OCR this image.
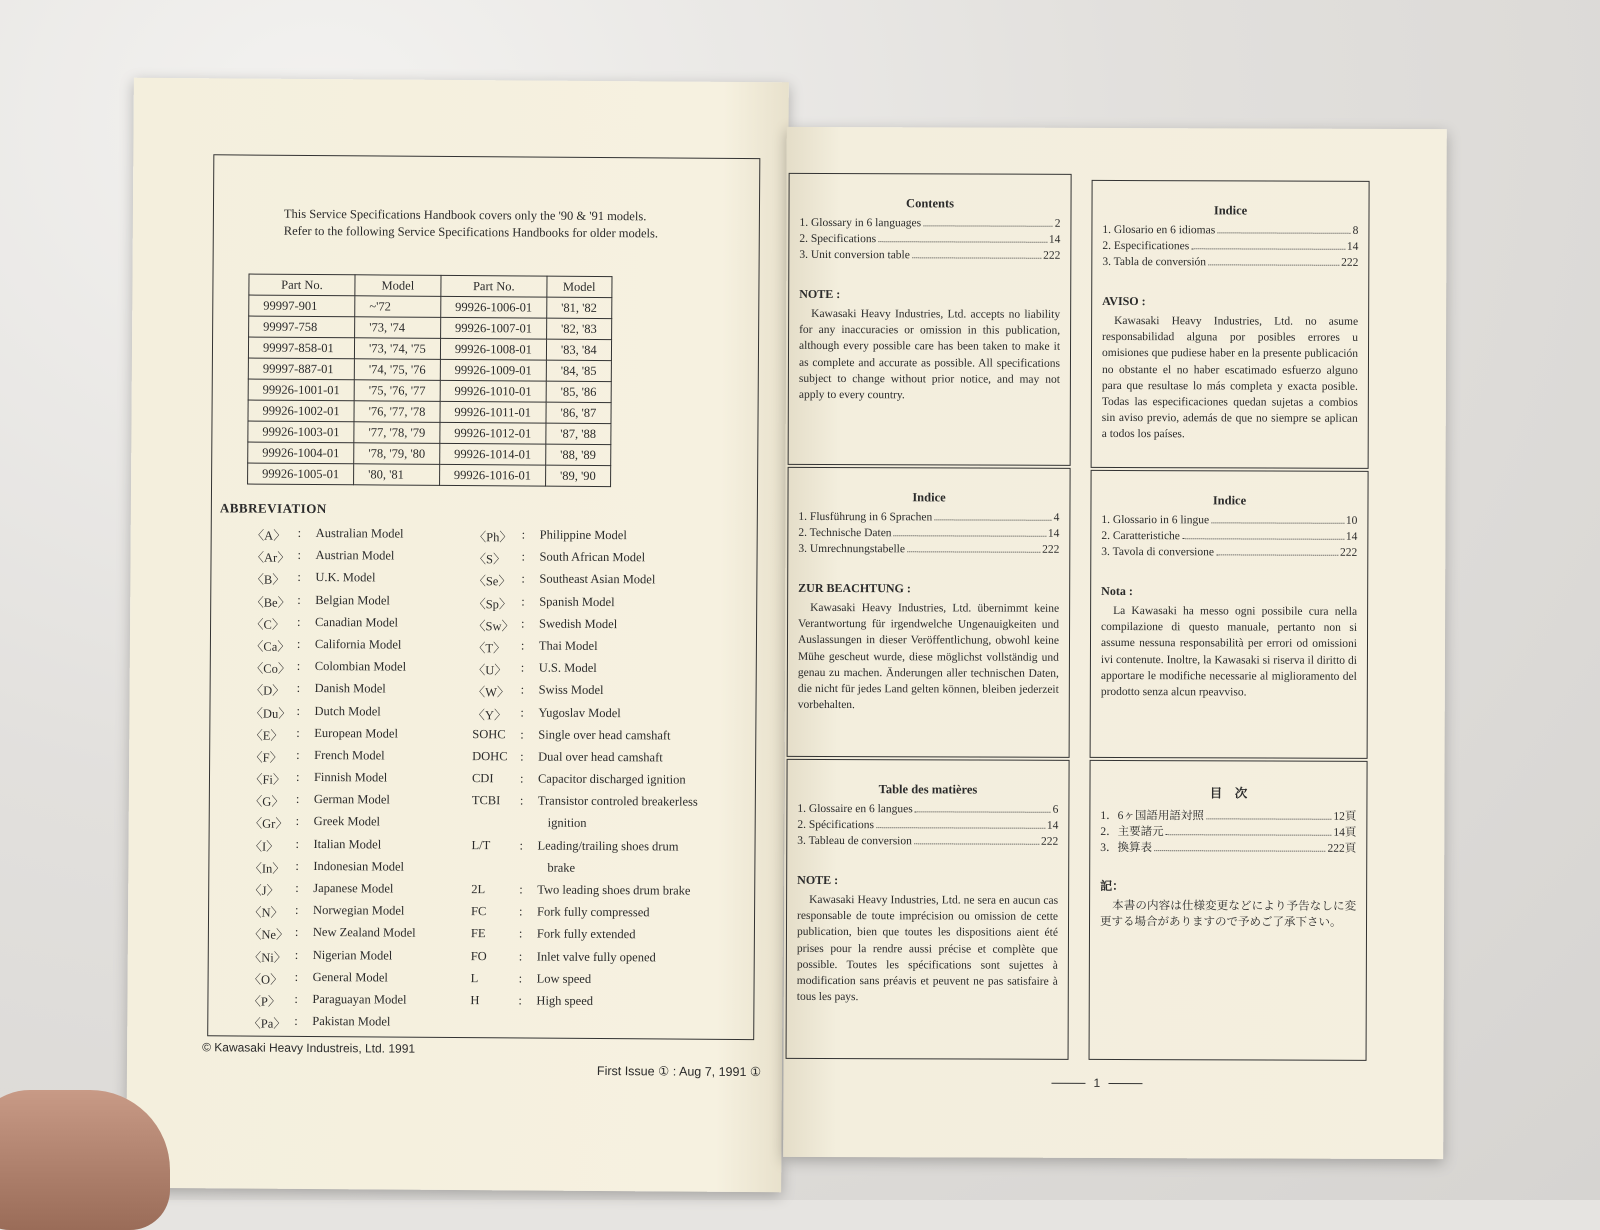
This Service Specifications Handbook covers only the '90 & '91 models.
Refer to the following Service Specifications Handbooks for older models.
Part No.	Model	Part No.	Model
99997-901	~'72	99926-1006-01	'81, '82
99997-758	'73, '74	99926-1007-01	'82, '83
99997-858-01	'73, '74, '75	99926-1008-01	'83, '84
99997-887-01	'74, '75, '76	99926-1009-01	'84, '85
99926-1001-01	'75, '76, '77	99926-1010-01	'85, '86
99926-1002-01	'76, '77, '78	99926-1011-01	'86, '87
99926-1003-01	'77, '78, '79	99926-1012-01	'87, '88
99926-1004-01	'78, '79, '80	99926-1014-01	'88, '89
99926-1005-01	'80, '81	99926-1016-01	'89, '90
ABBREVIATION
〈A〉 :	Australian Model
〈Ar〉 :	Austrian Model
〈B〉	:	U.K. Model
〈Be〉 :	Belgian Model
〈C〉	:	Canadian Model
〈Ca〉 :	California Model
〈Co〉 :	Colombian Model
〈D〉 :	Danish Model
〈Du〉 :	Dutch Model
〈E〉	:	European Model
〈F〉	:	French Model
〈Fi〉 :	Finnish Model
〈G〉 :	German Model
〈Gr〉 :	Greek Model
〈I〉	:	Italian Model
〈In〉 :	Indonesian Model
〈J〉	:	Japanese Model
〈N〉 :	Norwegian Model
〈Ne〉 :	New Zealand Model
〈Ni〉 :	Nigerian Model
〈O〉 :	General Model
〈P〉	:	Paraguayan Model
〈Pa〉 :	Pakistan Model
〈Ph〉 :	Philippine Model
〈S〉	:	South African Model
〈Se〉 :	Southeast Asian Model
〈Sp〉 :	Spanish Model
〈Sw〉 :	Swedish Model
〈T〉	:	Thai Model
〈U〉	:	U.S. Model
〈W〉 :	Swiss Model
〈Y〉	:	Yugoslav Model
SOHC	:	Single over head camshaft
DOHC :	Dual over head camshaft
CDI	:	Capacitor discharged ignition
TCBI	:	Transistor controled breakerless
ignition
L/T	:	Leading/trailing shoes drum
brake
2L	:	Two leading shoes drum brake
FC	:	Fork fully compressed
FE	:	Fork fully extended
FO	:	Inlet valve fully opened
L	:	Low speed
H	:	High speed
© Kawasaki Heavy Industreis, Ltd. 1991
First Issue ① : Aug 7, 1991 ①
Contents
1. Glossary in 6 languages	2
2. Specifications	14
3. Unit conversion table	222
NOTE :
Kawasaki Heavy Industries, Ltd. accepts no liability for any inaccuracies or omission in this publication, although every possible care has been taken to make it as complete and accurate as possible. All specifications subject to change without prior notice, and may not apply to every country.
Indice
1. Glosario en 6 idiomas	8
2. Especificationes	14
3. Tabla de conversión	222
AVISO :
Kawasaki Heavy Industries, Ltd. no asume responsabilidad alguna por posibles errores u omisiones que pudiese haber en la presente publicación no obstante el no haber escatimado esfuerzo alguno para que resultase lo más completa y exacta posible. Todas las especificaciones quedan sujetas a combios sin aviso previo, además de que no siempre se aplican a todos los países.
Indice
1. Flusführung in 6 Sprachen	4
2. Technische Daten	14
3. Umrechnungstabelle	222
ZUR BEACHTUNG :
Kawasaki Heavy Industries, Ltd. übernimmt keine Verantwortung für irgendwelche Ungenauigkeiten und Auslassungen in dieser Veröffentlichung, obwohl keine Mühe gescheut wurde, diese möglichst vollständig und genau zu machen. Änderungen aller technischen Daten, die nicht für jedes Land gelten können, bleiben jederzeit vorbehalten.
Indice
1. Glossario in 6 lingue	10
2. Caratteristiche	14
3. Tavola di conversione	222
Nota :
La Kawasaki ha messo ogni possibile cura nella compilazione di questo manuale, pertanto non si assume nessuna responsabilità per errori od omissioni ivi contenute. Inoltre, la Kawasaki si riserva il diritto di apportare le modifiche necessarie al miglioramento del prodotto senza alcun rpeavviso.
Table des matières
1. Glossaire en 6 langues	6
2. Spécifications	14
3. Tableau de conversion	222
NOTE :
Kawasaki Heavy Industries, Ltd. ne sera en aucun cas responsable de toute imprécision ou omission de cette publication, bien que toutes les dispositions aient été prises pour la rendre aussi précise et complète que possible. Toutes les spécifications sont sujettes à modification sans préavis et peuvent ne pas satisfaire à tous les pays.
目　次
1．6ヶ国語用語対照	12頁
2．主要諸元	14頁
3．換算表	222頁
記：
本書の内容は仕様変更などにより予告なしに変更する場合がありますので予めご了承下さい。
1
